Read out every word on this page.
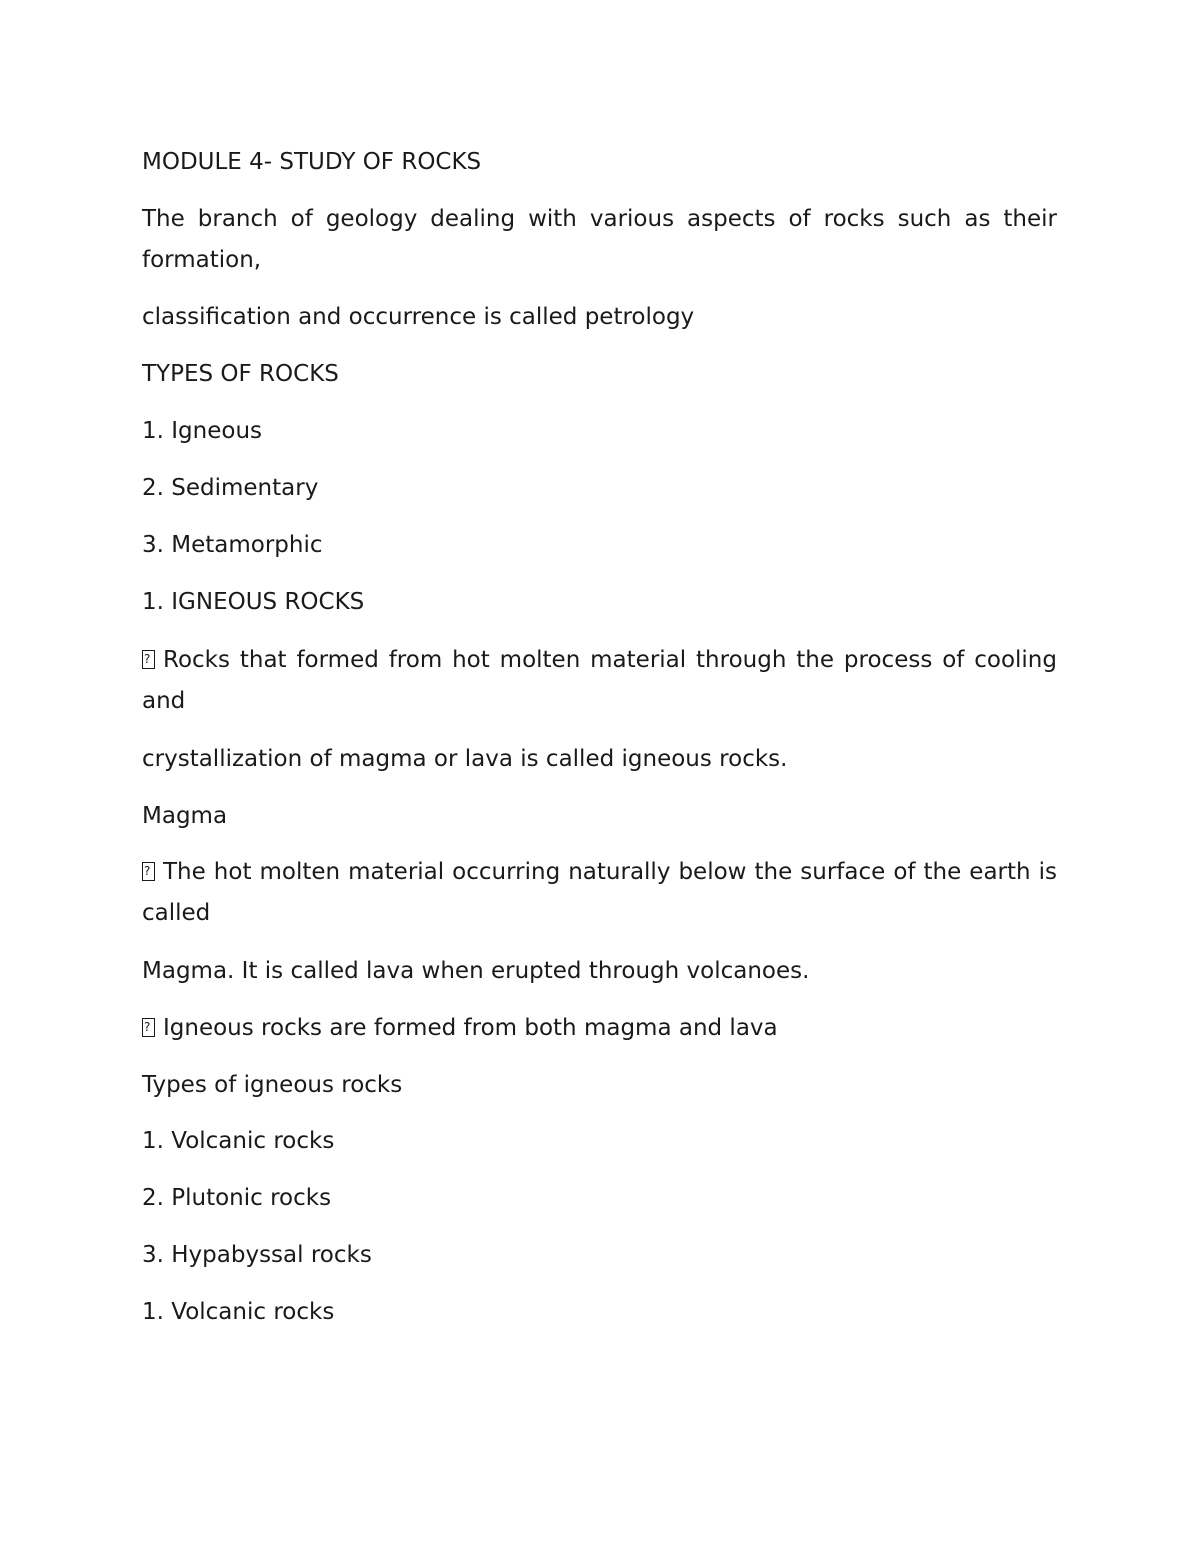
MODULE 4- STUDY OF ROCKS

The branch of geology dealing with various aspects of rocks such as their formation,

classification and occurrence is called petrology

TYPES OF ROCKS

1. Igneous

2. Sedimentary

3. Metamorphic

1. IGNEOUS ROCKS

?Rocks that formed from hot molten material through the process of cooling and

crystallization of magma or lava is called igneous rocks.

Magma

?The hot molten material occurring naturally below the surface of the earth is called

Magma. It is called lava when erupted through volcanoes.

?Igneous rocks are formed from both magma and lava

Types of igneous rocks

1. Volcanic rocks

2. Plutonic rocks

3. Hypabyssal rocks

1. Volcanic rocks
